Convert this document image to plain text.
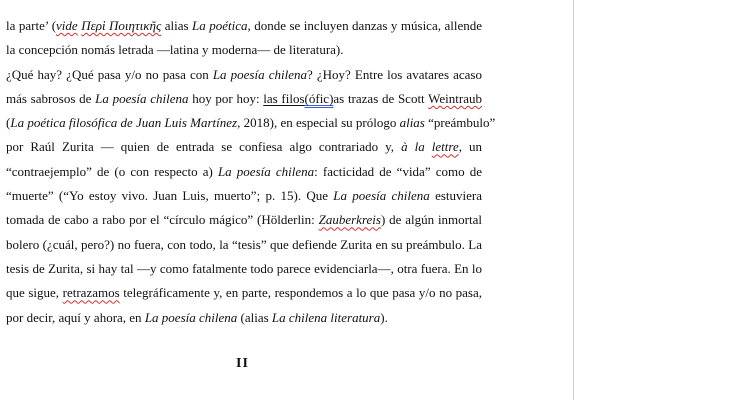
la parte’ (vide Περὶ Ποιητικῆς alias La poética, donde se incluyen danzas y música, allende
la concepción nomás letrada —latina y moderna— de literatura).
¿Qué hay? ¿Qué pasa y/o no pasa con La poesía chilena? ¿Hoy? Entre los avatares acaso
más sabrosos de La poesía chilena hoy por hoy: las filos(ófic)as trazas de Scott Weintraub
(La poética filosófica de Juan Luis Martínez, 2018), en especial su prólogo alias “preámbulo”
por Raúl Zurita — quien de entrada se confiesa algo contrariado y, à la lettre, un
“contraejemplo” de (o con respecto a) La poesía chilena: facticidad de “vida” como de
“muerte” (“Yo estoy vivo. Juan Luis, muerto”; p. 15). Que La poesía chilena estuviera
tomada de cabo a rabo por el “círculo mágico” (Hölderlin: Zauberkreis) de algún inmortal
bolero (¿cuál, pero?) no fuera, con todo, la “tesis” que defiende Zurita en su preámbulo. La
tesis de Zurita, si hay tal —y como fatalmente todo parece evidenciarla—, otra fuera. En lo
que sigue, retrazamos telegráficamente y, en parte, respondemos a lo que pasa y/o no pasa,
por decir, aquí y ahora, en La poesía chilena (alias La chilena literatura).
II
